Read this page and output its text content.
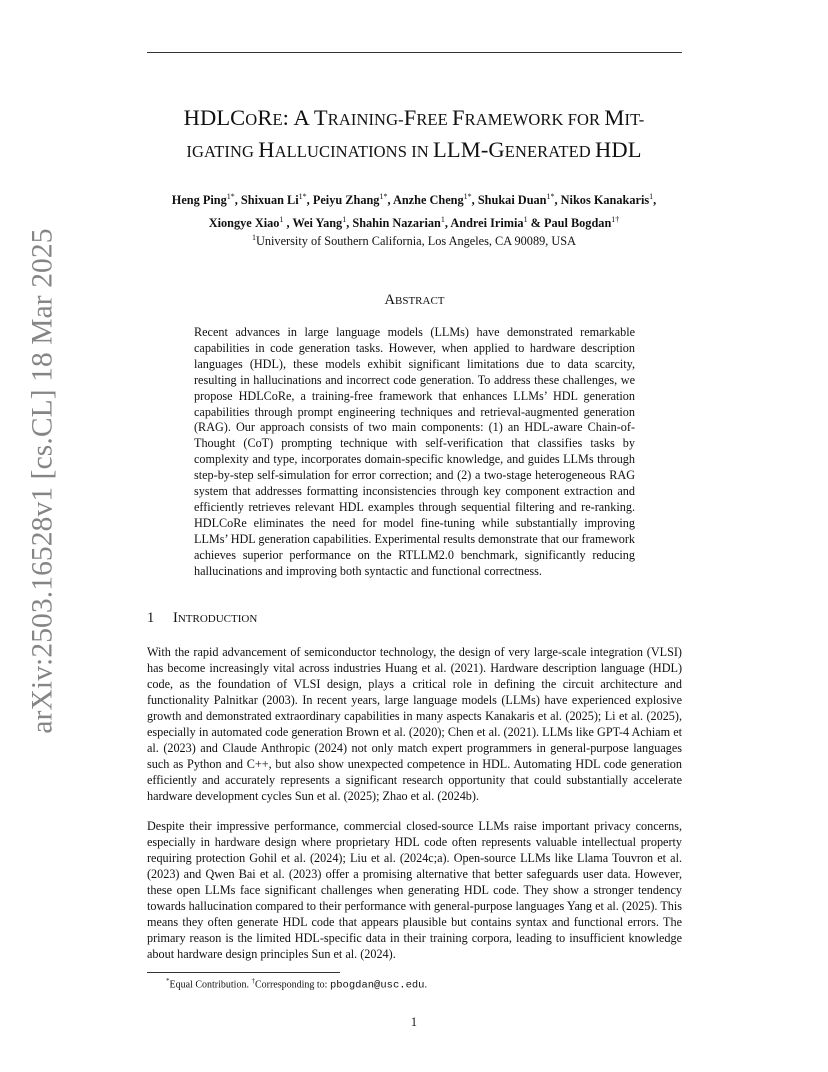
HDLCORE: A TRAINING-FREE FRAMEWORK FOR MIT-
IGATING HALLUCINATIONS IN LLM-GENERATED HDL
Heng Ping$^{1*}$, Shixuan $Li^{1*}$, Peiyu Zhang$^{1*}$, Anzhe Cheng$^{1*}$, Shukai Duan$^{1*}$, Nikos Kanakaris$^1$,
Xiongye Xiao$^1$ , Wei Yang$^1$, Shahin Nazarian$^1$, Andrei Irimia$^1$ & Paul Bogdan$^{1\dagger}$
$^1$University of Southern California, Los Angeles, CA 90089, USA
arXiv:2503.16528v1 [cs.CL] 18 Mar 2025	ABSTRACT
Recent advances in large language models (LLMs) have demonstrated remarkable capabilities in code generation tasks. However, when applied to hardware description languages (HDL), these models exhibit significant limitations due to data scarcity, resulting in hallucinations and incorrect code generation. To address these challenges, we propose HDLCoRe, a training-free framework that enhances LLMs’ HDL generation capabilities through prompt engineering techniques and retrieval-augmented generation (RAG). Our approach consists of two main components: (1) an HDL-aware Chain-of-Thought (CoT) prompting technique with self-verification that classifies tasks by complexity and type, incorporates domain-specific knowledge, and guides LLMs through step-by-step self-simulation for error correction; and (2) a two-stage heterogeneous RAG system that addresses formatting inconsistencies through key component extraction and efficiently retrieves relevant HDL examples through sequential filtering and re-ranking. HDLCoRe eliminates the need for model fine-tuning while substantially improving LLMs’ HDL generation capabilities. Experimental results demonstrate that our framework achieves superior performance on the RTLLM2.0 benchmark, significantly reducing hallucinations and improving both syntactic and functional correctness.
1 INTRODUCTION
With the rapid advancement of semiconductor technology, the design of very large-scale integration (VLSI) has become increasingly vital across industries Huang et al. (2021). Hardware description language (HDL) code, as the foundation of VLSI design, plays a critical role in defining the circuit architecture and functionality Palnitkar (2003). In recent years, large language models (LLMs) have experienced explosive growth and demonstrated extraordinary capabilities in many aspects Kanakaris et al. (2025); Li et al. (2025), especially in automated code generation Brown et al. (2020); Chen et al. (2021). LLMs like GPT-4 Achiam et al. (2023) and Claude Anthropic (2024) not only match expert programmers in general-purpose languages such as Python and C++, but also show unexpected competence in HDL. Automating HDL code generation efficiently and accurately represents a significant research opportunity that could substantially accelerate hardware development cycles Sun et al. (2025); Zhao et al. (2024b).
Despite their impressive performance, commercial closed-source LLMs raise important privacy concerns, especially in hardware design where proprietary HDL code often represents valuable intellectual property requiring protection Gohil et al. (2024); Liu et al. (2024c;a). Open-source LLMs like Llama Touvron et al. (2023) and Qwen Bai et al. (2023) offer a promising alternative that better safeguards user data. However, these open LLMs face significant challenges when generating HDL code. They show a stronger tendency towards hallucination compared to their performance with general-purpose languages Yang et al. (2025). This means they often generate HDL code that appears plausible but contains syntax and functional errors. The primary reason is the limited HDL-specific data in their training corpora, leading to insufficient knowledge about hardware design principles Sun et al. (2024).
*Equal Contribution. †Corresponding to: pbogdan@usc.edu.
1
